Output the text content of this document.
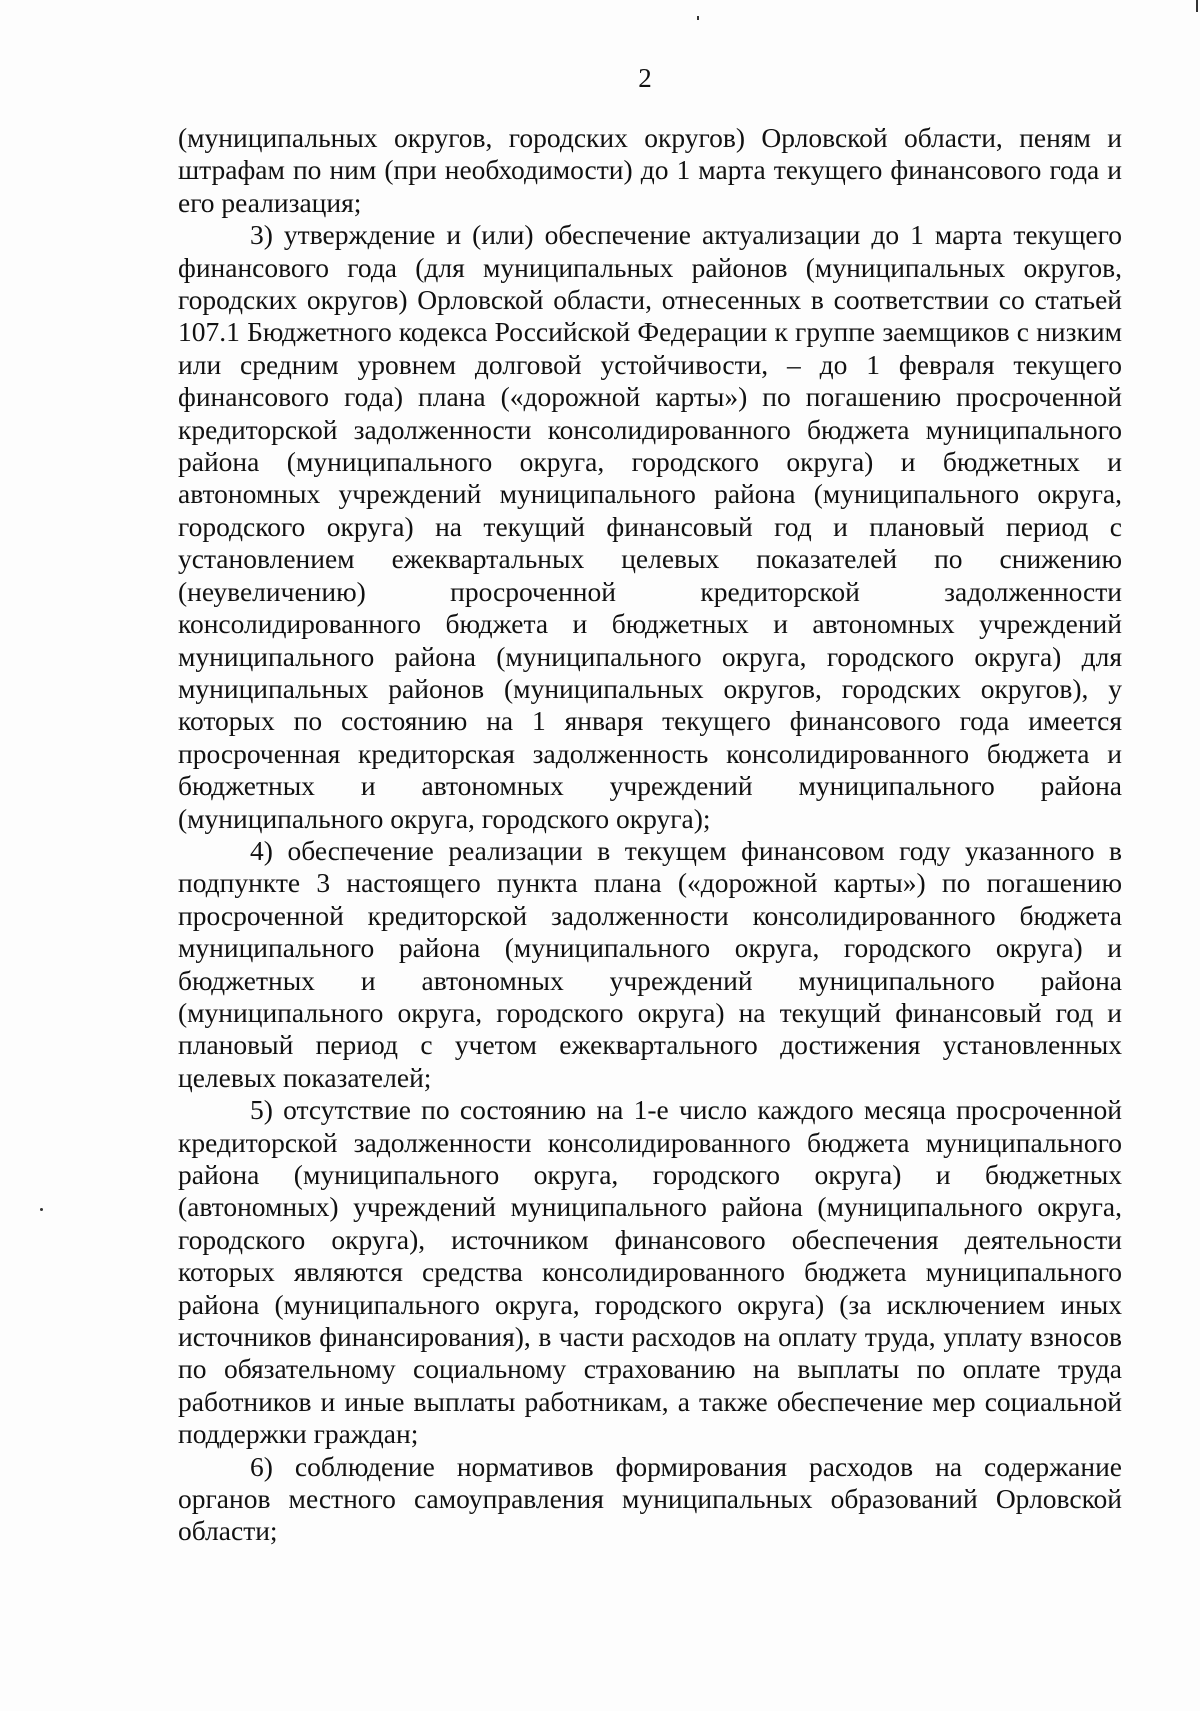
2

(муниципальных округов, городских округов) Орловской области, пеням и штрафам по ним (при необходимости) до 1 марта текущего финансового года и его реализация;

3) утверждение и (или) обеспечение актуализации до 1 марта текущего финансового года (для муниципальных районов (муниципальных округов, городских округов) Орловской области, отнесенных в соответствии со статьей 107.1 Бюджетного кодекса Российской Федерации к группе заемщиков с низким или средним уровнем долговой устойчивости, – до 1 февраля текущего финансового года) плана («дорожной карты») по погашению просроченной кредиторской задолженности консолидированного бюджета муниципального района (муниципального округа, городского округа) и бюджетных и автономных учреждений муниципального района (муниципального округа, городского округа) на текущий финансовый год и плановый период с установлением ежеквартальных целевых показателей по снижению (неувеличению) просроченной кредиторской задолженности консолидированного бюджета и бюджетных и автономных учреждений муниципального района (муниципального округа, городского округа) для муниципальных районов (муниципальных округов, городских округов), у которых по состоянию на 1 января текущего финансового года имеется просроченная кредиторская задолженность консолидированного бюджета и бюджетных и автономных учреждений муниципального района (муниципального округа, городского округа);

4) обеспечение реализации в текущем финансовом году указанного в подпункте 3 настоящего пункта плана («дорожной карты») по погашению просроченной кредиторской задолженности консолидированного бюджета муниципального района (муниципального округа, городского округа) и бюджетных и автономных учреждений муниципального района (муниципального округа, городского округа) на текущий финансовый год и плановый период с учетом ежеквартального достижения установленных целевых показателей;

5) отсутствие по состоянию на 1-е число каждого месяца просроченной кредиторской задолженности консолидированного бюджета муниципального района (муниципального округа, городского округа) и бюджетных (автономных) учреждений муниципального района (муниципального округа, городского округа), источником финансового обеспечения деятельности которых являются средства консолидированного бюджета муниципального района (муниципального округа, городского округа) (за исключением иных источников финансирования), в части расходов на оплату труда, уплату взносов по обязательному социальному страхованию на выплаты по оплате труда работников и иные выплаты работникам, а также обеспечение мер социальной поддержки граждан;

6) соблюдение нормативов формирования расходов на содержание органов местного самоуправления муниципальных образований Орловской области;
